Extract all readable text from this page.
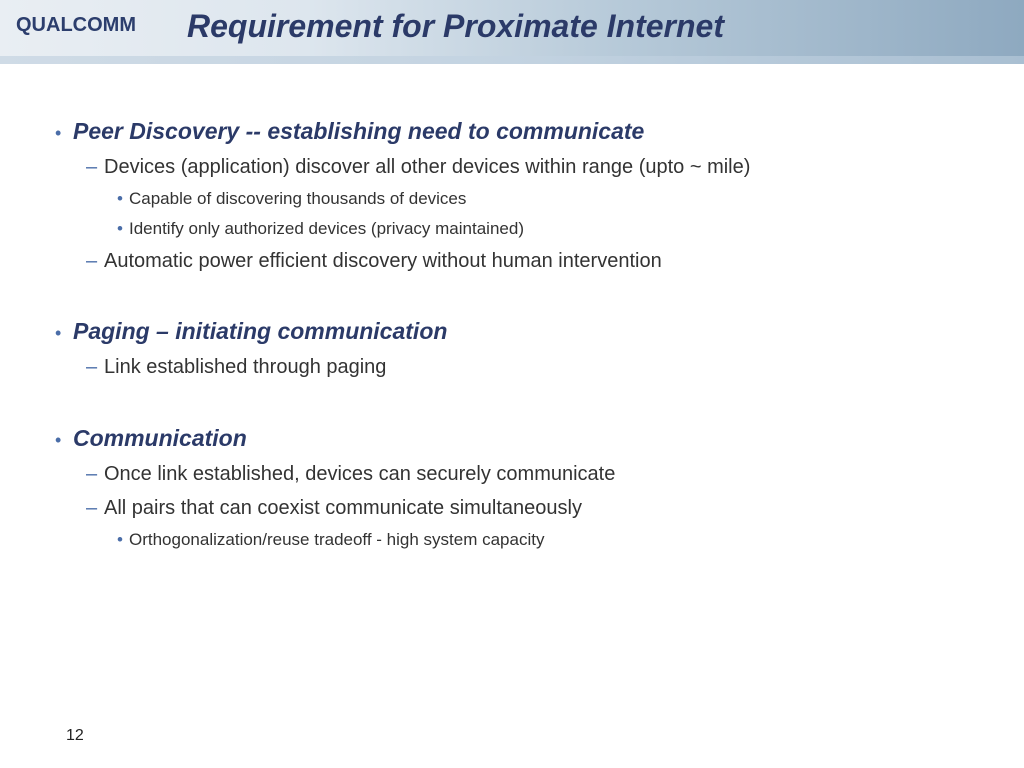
QUALCOMM Requirement for Proximate Internet
• Peer Discovery -- establishing need to communicate
– Devices (application) discover all other devices within range (upto ~ mile)
• Capable of discovering thousands of devices
• Identify only authorized devices (privacy maintained)
– Automatic power efficient discovery without human intervention
• Paging – initiating communication
– Link established through paging
• Communication
– Once link established, devices can securely communicate
– All pairs that can coexist communicate simultaneously
• Orthogonalization/reuse tradeoff - high system capacity
12
